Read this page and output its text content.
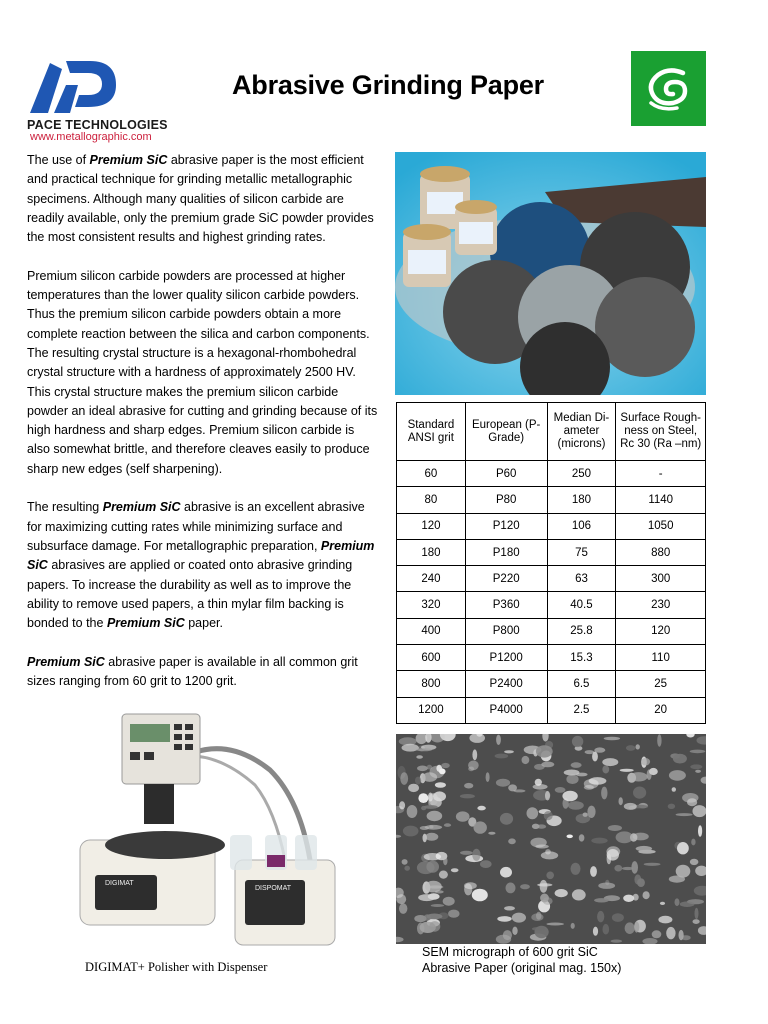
PACE TECHNOLOGIES
www.metallographic.com
Abrasive Grinding Paper

The use of Premium SiC abrasive paper is the most efficient and practical technique for grinding metallic metallographic specimens. Although many qualities of silicon carbide are readily available, only the premium grade SiC powder provides the most consistent results and highest grinding rates.

Premium silicon carbide powders are processed at higher temperatures than the lower quality silicon carbide powders. Thus the premium silicon carbide powders obtain a more complete reaction between the silica and carbon components. The resulting crystal structure is a hexagonal-rhombohedral crystal structure with a hardness of approximately 2500 HV. This crystal structure makes the premium silicon carbide powder an ideal abrasive for cutting and grinding because of its high hardness and sharp edges. Premium silicon carbide is also somewhat brittle, and therefore cleaves easily to produce sharp new edges (self sharpening).

The resulting Premium SiC abrasive is an excellent abrasive for maximizing cutting rates while minimizing surface and subsurface damage. For metallographic preparation, Premium SiC abrasives are applied or coated onto abrasive grinding papers. To increase the durability as well as to improve the ability to remove used papers, a thin mylar film backing is bonded to the Premium SiC paper.

Premium SiC abrasive paper is available in all common grit sizes ranging from 60 grit to 1200 grit.

Standard ANSI grit	European (P-Grade)	Median Di-ameter (microns)	Surface Rough-ness on Steel, Rc 30 (Ra –nm)
60	P60	250	-
80	P80	180	1140
120	P120	106	1050
180	P180	75	880
240	P220	63	300
320	P360	40.5	230
400	P800	25.8	120
600	P1200	15.3	110
800	P2400	6.5	25
1200	P4000	2.5	20
SEM micrograph of 600 grit SiC
Abrasive Paper (original mag. 150x)
DIGIMAT
DISPOMAT
DIGIMAT+ Polisher with Dispenser
